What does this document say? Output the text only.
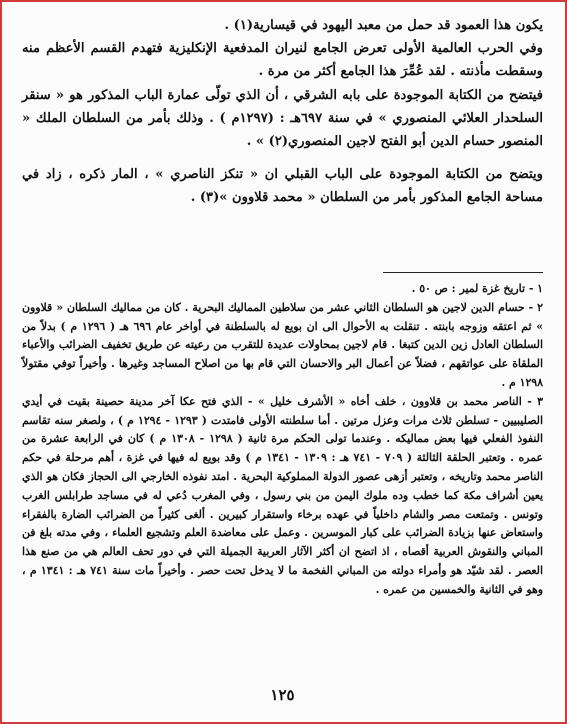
يكون هذا العمود قد حمل من معبد اليهود في قيسارية(١) .

وفي الحرب العالمية الأولى تعرض الجامع لنيران المدفعية الإنكليزية فتهدم القسم الأعظم منه وسقطت مأذنته . لقد عُمِّرَ هذا الجامع أكثر من مرة .

فيتضح من الكتابة الموجودة على بابه الشرقي ، أن الذي تولّى عمارة الباب المذكور هو « سنقر السلحدار العلائي المنصوري » في سنة ٦٩٧هـ : (١٢٩٧م ) . وذلك بأمر من السلطان الملك « المنصور حسام الدين أبو الفتح لاجين المنصوري(٢) » .

ويتضح من الكتابة الموجودة على الباب القبلي ان « تنكز الناصري » ، المار ذكره ، زاد في مساحة الجامع المذكور بأمر من السلطان « محمد قلاوون »(٣) .

١ - تاريخ غزة لمير : ص ٥٠ .

٢ - حسام الدين لاجين هو السلطان الثاني عشر من سلاطين المماليك البحرية . كان من مماليك السلطان « قلاوون » ثم اعتقه وزوجه بابنته . تنقلت به الأحوال الى ان بويع له بالسلطنة في أواخر عام ٦٩٦ هـ ( ١٢٩٦ م ) بدلاً من السلطان العادل زين الدين كتبغا . قام لاجين بمحاولات عديدة للتقرب من رعيته عن طريق تخفيف الضرائب والأعباء الملقاة على عواتقهم ، فضلاً عن أعمال البر والاحسان التي قام بها من اصلاح المساجد وغيرها . وأخيراً توفي مقتولاً ١٢٩٨ م .

٣ - الناصر محمد بن قلاوون ، خلف أخاه « الأشرف خليل » - الذي فتح عكا آخر مدينة حصينة بقيت في أيدي الصليبيين - تسلطن ثلاث مرات وعزل مرتين . أما سلطنته الأولى فامتدت ( ١٢٩٣ - ١٢٩٤ م ) ، ولصغر سنه تقاسم النفوذ الفعلي فيها بعض مماليكه . وعندما تولى الحكم مرة ثانية ( ١٢٩٨ - ١٣٠٨ م ) كان في الرابعة عشرة من عمره . وتعتبر الحلقة الثالثة ( ٧٠٩ - ٧٤١ هـ : ١٣٠٩ - ١٣٤١ م ) وقد بويع له فيها في غزة ، أهم مرحلة في حكم الناصر محمد وتاريخه ، وتعتبر أزهى عصور الدولة المملوكية البحرية . امتد نفوذه الخارجي الى الحجاز فكان هو الذي يعين أشراف مكة كما خطب وده ملوك اليمن من بني رسول ، وفي المغرب دُعي له في مساجد طرابلس الغرب وتونس . وتمتعت مصر والشام داخلياً في عهده برخاء واستقرار كبيرين . ألغى كثيراً من الضرائب الضارة بالفقراء واستعاض عنها بزيادة الضرائب على كبار الموسرين . وعمل على معاضدة العلم وتشجيع العلماء ، وفي مدته بلغ فن المباني والنقوش العربية أقصاه ، اذ اتضح ان أكثر الآثار العربية الجميلة التي في دور تحف العالم هي من صنع هذا العصر . لقد شيّد هو وأمراء دولته من المباني الفخمة ما لا يدخل تحت حصر . وأخيراً مات سنة ٧٤١ هـ : ١٣٤١ م ، وهو في الثانية والخمسين من عمره .

١٢٥
